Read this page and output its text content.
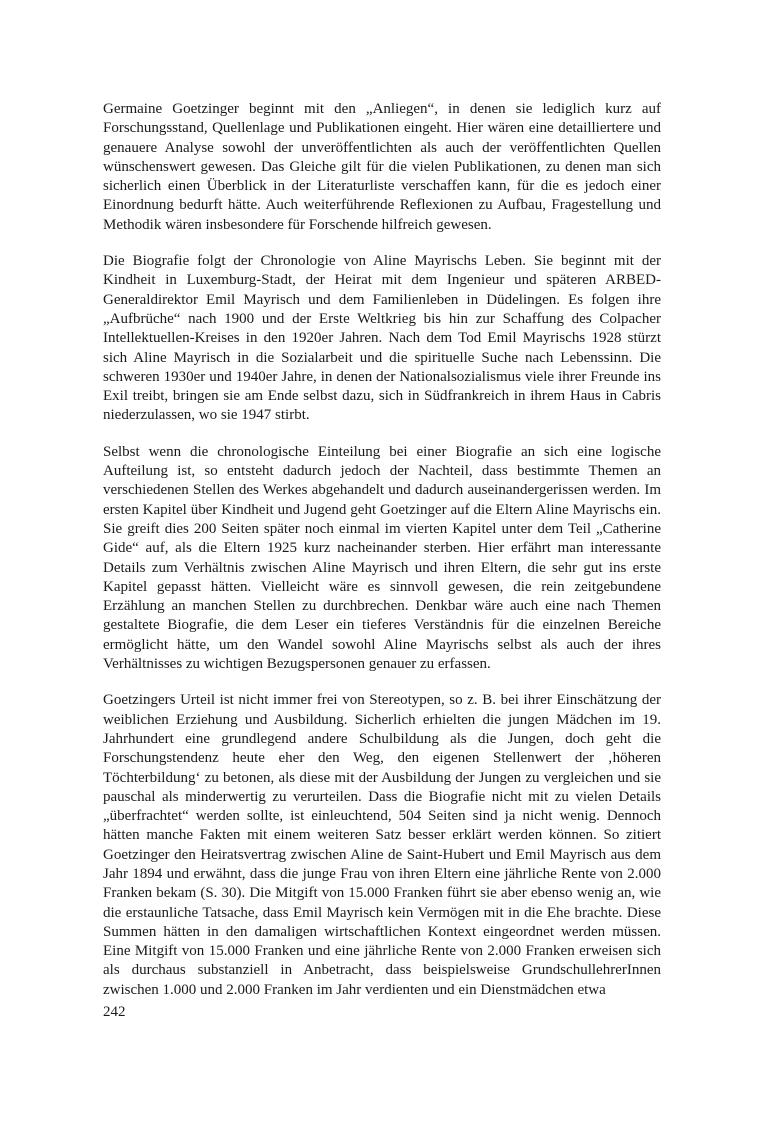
Germaine Goetzinger beginnt mit den „Anliegen“, in denen sie lediglich kurz auf Forschungsstand, Quellenlage und Publikationen eingeht. Hier wären eine detailliertere und genauere Analyse sowohl der unveröffentlichten als auch der veröffentlichten Quellen wünschenswert gewesen. Das Gleiche gilt für die vielen Publikationen, zu denen man sich sicherlich einen Überblick in der Literaturliste verschaffen kann, für die es jedoch einer Einordnung bedurft hätte. Auch weiterführende Reflexionen zu Aufbau, Fragestellung und Methodik wären insbesondere für Forschende hilfreich gewesen.

Die Biografie folgt der Chronologie von Aline Mayrischs Leben. Sie beginnt mit der Kindheit in Luxemburg-Stadt, der Heirat mit dem Ingenieur und späteren ARBED-Generaldirektor Emil Mayrisch und dem Familienleben in Düdelingen. Es folgen ihre „Aufbrüche“ nach 1900 und der Erste Weltkrieg bis hin zur Schaffung des Colpacher Intellektuellen-Kreises in den 1920er Jahren. Nach dem Tod Emil Mayrischs 1928 stürzt sich Aline Mayrisch in die Sozialarbeit und die spirituelle Suche nach Lebenssinn. Die schweren 1930er und 1940er Jahre, in denen der Nationalsozialismus viele ihrer Freunde ins Exil treibt, bringen sie am Ende selbst dazu, sich in Südfrankreich in ihrem Haus in Cabris niederzulassen, wo sie 1947 stirbt.

Selbst wenn die chronologische Einteilung bei einer Biografie an sich eine logische Aufteilung ist, so entsteht dadurch jedoch der Nachteil, dass bestimmte Themen an verschiedenen Stellen des Werkes abgehandelt und dadurch auseinandergerissen werden. Im ersten Kapitel über Kindheit und Jugend geht Goetzinger auf die Eltern Aline Mayrischs ein. Sie greift dies 200 Seiten später noch einmal im vierten Kapitel unter dem Teil „Catherine Gide“ auf, als die Eltern 1925 kurz nacheinander sterben. Hier erfährt man interessante Details zum Verhältnis zwischen Aline Mayrisch und ihren Eltern, die sehr gut ins erste Kapitel gepasst hätten. Vielleicht wäre es sinnvoll gewesen, die rein zeitgebundene Erzählung an manchen Stellen zu durchbrechen. Denkbar wäre auch eine nach Themen gestaltete Biografie, die dem Leser ein tieferes Verständnis für die einzelnen Bereiche ermöglicht hätte, um den Wandel sowohl Aline Mayrischs selbst als auch der ihres Verhältnisses zu wichtigen Bezugspersonen genauer zu erfassen.

Goetzingers Urteil ist nicht immer frei von Stereotypen, so z. B. bei ihrer Einschätzung der weiblichen Erziehung und Ausbildung. Sicherlich erhielten die jungen Mädchen im 19. Jahrhundert eine grundlegend andere Schulbildung als die Jungen, doch geht die Forschungstendenz heute eher den Weg, den eigenen Stellenwert der ‚höheren Töchterbildung‘ zu betonen, als diese mit der Ausbildung der Jungen zu vergleichen und sie pauschal als minderwertig zu verurteilen. Dass die Biografie nicht mit zu vielen Details „überfrachtet“ werden sollte, ist einleuchtend, 504 Seiten sind ja nicht wenig. Dennoch hätten manche Fakten mit einem weiteren Satz besser erklärt werden können. So zitiert Goetzinger den Heiratsvertrag zwischen Aline de Saint-Hubert und Emil Mayrisch aus dem Jahr 1894 und erwähnt, dass die junge Frau von ihren Eltern eine jährliche Rente von 2.000 Franken bekam (S. 30). Die Mitgift von 15.000 Franken führt sie aber ebenso wenig an, wie die erstaunliche Tatsache, dass Emil Mayrisch kein Vermögen mit in die Ehe brachte. Diese Summen hätten in den damaligen wirtschaftlichen Kontext eingeordnet werden müssen. Eine Mitgift von 15.000 Franken und eine jährliche Rente von 2.000 Franken erweisen sich als durchaus substanziell in Anbetracht, dass beispielsweise GrundschullehrerInnen zwischen 1.000 und 2.000 Franken im Jahr verdienten und ein Dienstmädchen etwa

242
